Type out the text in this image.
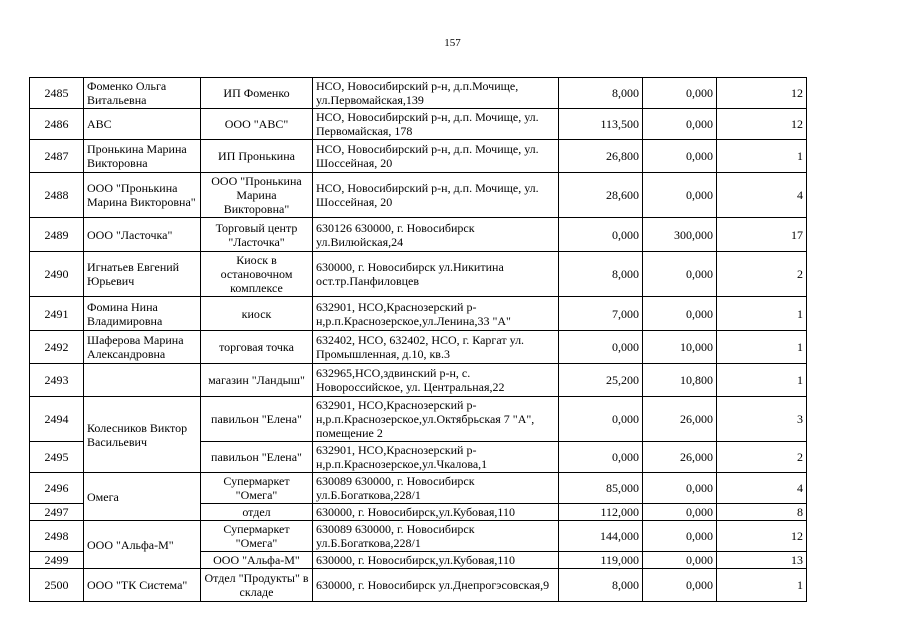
157
2485	Фоменко Ольга Витальевна	ИП Фоменко	НСО, Новосибирский р-н, д.п.Мочище, ул.Первомайская,139	8,000	0,000	12
2486	АВС	ООО "АВС"	НСО, Новосибирский р-н, д.п. Мочище, ул. Первомайская, 178	113,500	0,000	12
2487	Пронькина Марина Викторовна	ИП Пронькина	НСО, Новосибирский р-н, д.п. Мочище, ул. Шоссейная, 20	26,800	0,000	1
2488	ООО "Пронькина Марина Викторовна"	ООО "Пронькина Марина Викторовна"	НСО, Новосибирский р-н, д.п. Мочище, ул. Шоссейная, 20	28,600	0,000	4
2489	ООО "Ласточка"	Торговый центр "Ласточка"	630126 630000, г. Новосибирск ул.Вилюйская,24	0,000	300,000	17
2490	Игнатьев Евгений Юрьевич	Киоск в остановочном комплексе	630000, г. Новосибирск ул.Никитина ост.тр.Панфиловцев	8,000	0,000	2
2491	Фомина Нина Владимировна	киоск	632901, НСО,Краснозерский р-н,р.п.Краснозерское,ул.Ленина,33 "А"	7,000	0,000	1
2492	Шаферова Марина Александровна	торговая точка	632402, НСО, 632402, НСО, г. Каргат ул. Промышленная, д.10, кв.3	0,000	10,000	1
2493		магазин "Ландыш"	632965,НСО,здвинский р-н, с. Новороссийское, ул. Центральная,22	25,200	10,800	1
2494	Колесников Виктор Васильевич	павильон "Елена"	632901, НСО,Краснозерский р-н,р.п.Краснозерское,ул.Октябрьская 7 "А", помещение 2	0,000	26,000	3
2495		павильон "Елена"	632901, НСО,Краснозерский р-н,р.п.Краснозерское,ул.Чкалова,1	0,000	26,000	2
2496	Омега	Супермаркет "Омега"	630089 630000, г. Новосибирск ул.Б.Богаткова,228/1	85,000	0,000	4
2497		отдел	630000, г. Новосибирск,ул.Кубовая,110	112,000	0,000	8
2498	ООО "Альфа-М"	Супермаркет "Омега"	630089 630000, г. Новосибирск ул.Б.Богаткова,228/1	144,000	0,000	12
2499		ООО "Альфа-М"	630000, г. Новосибирск,ул.Кубовая,110	119,000	0,000	13
2500	ООО "ТК Система"	Отдел "Продукты" в складе	630000, г. Новосибирск ул.Днепрогэсовская,9	8,000	0,000	1
